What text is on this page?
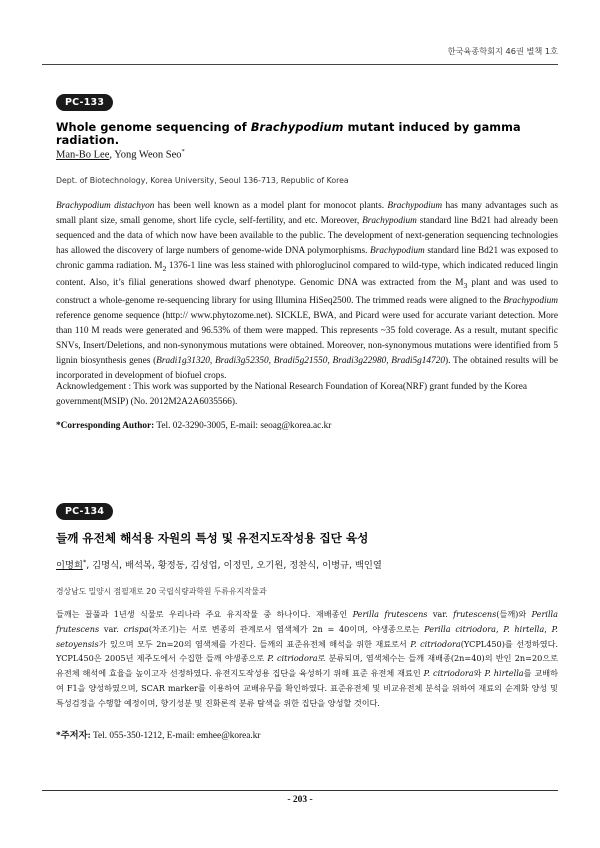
한국육종학회지 46권 별책 1호
PC-133
Whole genome sequencing of Brachypodium mutant induced by gamma radiation.
Man-Bo Lee, Yong Weon Seo*
Dept. of Biotechnology, Korea University, Seoul 136-713, Republic of Korea
Brachypodium distachyon has been well known as a model plant for monocot plants. Brachypodium has many advantages such as small plant size, small genome, short life cycle, self-fertility, and etc. Moreover, Brachypodium standard line Bd21 had already been sequenced and the data of which now have been available to the public. The development of next-generation sequencing technologies has allowed the discovery of large numbers of genome-wide DNA polymorphisms. Brachypodium standard line Bd21 was exposed to chronic gamma radiation. $M_2$ 1376-1 line was less stained with phloroglucinol compared to wild-type, which indicated reduced lingin content. Also, it’s filial generations showed dwarf phenotype. Genomic DNA was extracted from the $M_3$ plant and was used to construct a whole-genome re-sequencing library for using Illumina HiSeq2500. The trimmed reads were aligned to the Brachypodium reference genome sequence (http:// www.phytozome.net). SICKLE, BWA, and Picard were used for accurate variant detection. More than 110 M reads were generated and 96.53% of them were mapped. This represents ~35 fold coverage. As a result, mutant specific SNVs, Insert/Deletions, and non-synonymous mutations were obtained. Moreover, non-synonymous mutations were identified from 5 lignin biosynthesis genes (Bradi1g31320, Bradi3g52350, Bradi5g21550, Bradi3g22980, Bradi5g14720). The obtained results will be incorporated in development of biofuel crops.
Acknowledgement : This work was supported by the National Research Foundation of Korea(NRF) grant funded by the Korea government(MSIP) (No. 2012M2A2A6035566).
*Corresponding Author: Tel. 02-3290-3005, E-mail: seoag@korea.ac.kr
PC-134
들깨 유전체 해석용 자원의 특성 및 유전지도작성용 집단 육성
이명희*, 김명식, 배석복, 황정동, 김성업, 이정민, 오기원, 정찬식, 이병규, 백인열
경상남도 밀양시 점필재로 20 국립식량과학원 두류유지작물과
들깨는 꿀풀과 1년생 식물로 우리나라 주요 유지작물 중 하나이다. 재배종인 Perilla frutescens var. frutescens(들깨)와 Perilla frutescens var. crispa(차조기)는 서로 변종의 관계로서 염색체가 2n = 40이며, 야생종으로는 Perilla citriodora, P. hirtella, P. setoyensis가 있으며 모두 2n=20의 염색체를 가진다. 들깨의 표준유전체 해석을 위한 재료로서 P. citriodora(YCPL450)를 선정하였다. YCPL450은 2005년 제주도에서 수집한 들깨 야생종으로 P. citriodora로 분류되며, 염색체수는 들깨 재배종(2n=40)의 반인 2n=20으로 유전체 해석에 효율을 높이고자 선정하였다. 유전지도작성용 집단을 육성하기 위해 표준 유전체 재료인 P. citriodora와 P. hirtella를 교배하여 F1을 양성하였으며, SCAR marker를 이용하여 교배유무를 확인하였다. 표준유전체 및 비교유전체 분석을 위하여 재료의 순계화 양성 및 특성검정을 수행할 예정이며, 향기성분 및 진화론적 분류 탐색을 위한 집단을 양성할 것이다.
*주저자: Tel. 055-350-1212, E-mail: emhee@korea.kr
- 203 -
